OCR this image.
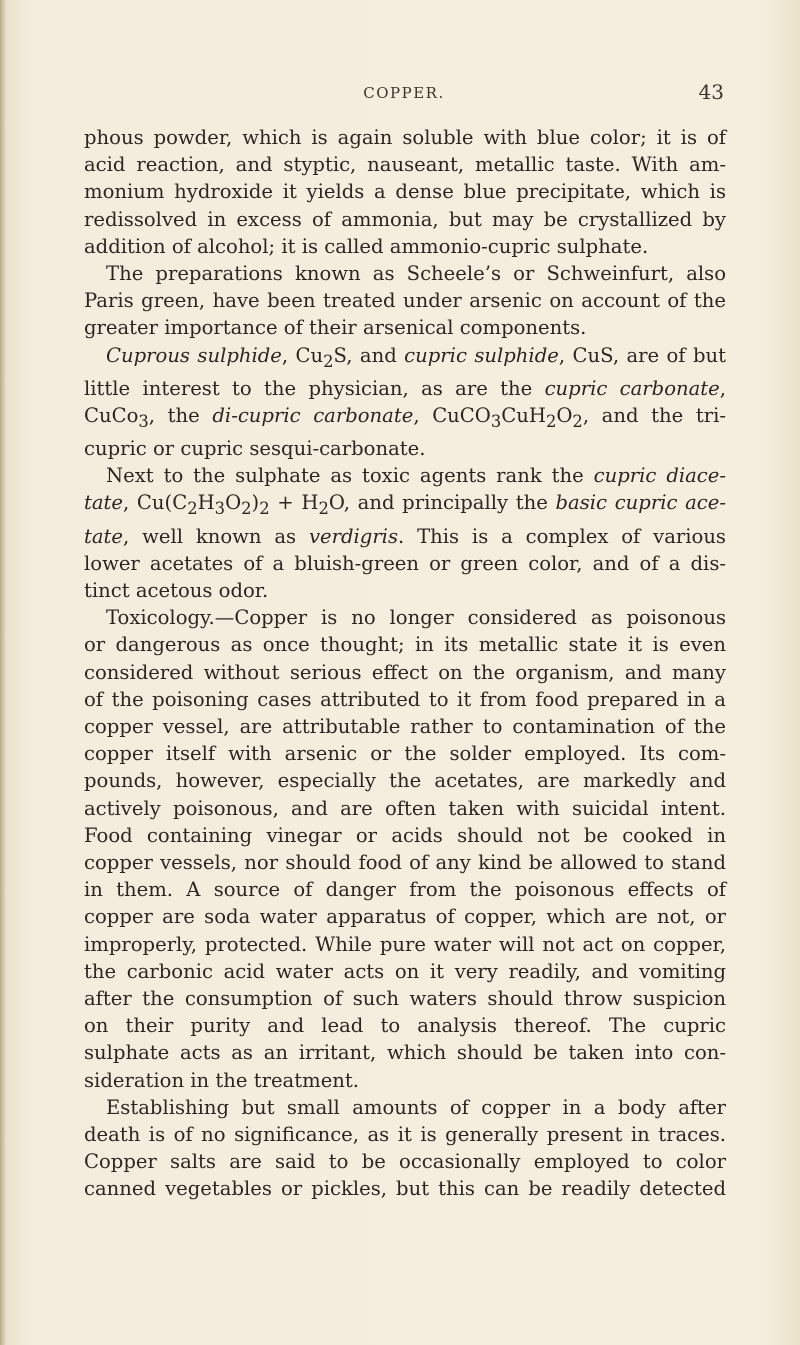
COPPER.	43
phous powder, which is again soluble with blue color; it is of
acid reaction, and styptic, nauseant, metallic taste. With am-
monium hydroxide it yields a dense blue precipitate, which is
redissolved in excess of ammonia, but may be crystallized by
addition of alcohol; it is called ammonio-cupric sulphate.
The preparations known as Scheele’s or Schweinfurt, also
Paris green, have been treated under arsenic on account of the
greater importance of their arsenical components.
Cuprous sulphide, $Cu_2S$, and cupric sulphide, CuS, are of but
little interest to the physician, as are the cupric carbonate,
CuCo$_3$, the di-cupric carbonate, $CuCO_3CuH_2O_2$, and the tri-
cupric or cupric sesqui-carbonate.
Next to the sulphate as toxic agents rank the cupric diace-
tate, $Cu(C_2H_3O_2)_2 + H_2O$, and principally the basic cupric ace-
tate, well known as verdigris. This is a complex of various
lower acetates of a bluish-green or green color, and of a dis-
tinct acetous odor.
Toxicology.—Copper is no longer considered as poisonous
or dangerous as once thought; in its metallic state it is even
considered without serious effect on the organism, and many
of the poisoning cases attributed to it from food prepared in a
copper vessel, are attributable rather to contamination of the
copper itself with arsenic or the solder employed. Its com-
pounds, however, especially the acetates, are markedly and
actively poisonous, and are often taken with suicidal intent.
Food containing vinegar or acids should not be cooked in
copper vessels, nor should food of any kind be allowed to stand
in them. A source of danger from the poisonous effects of
copper are soda water apparatus of copper, which are not, or
improperly, protected. While pure water will not act on copper,
the carbonic acid water acts on it very readily, and vomiting
after the consumption of such waters should throw suspicion
on their purity and lead to analysis thereof. The cupric
sulphate acts as an irritant, which should be taken into con-
sideration in the treatment.
Establishing but small amounts of copper in a body after
death is of no significance, as it is generally present in traces.
Copper salts are said to be occasionally employed to color
canned vegetables or pickles, but this can be readily detected
